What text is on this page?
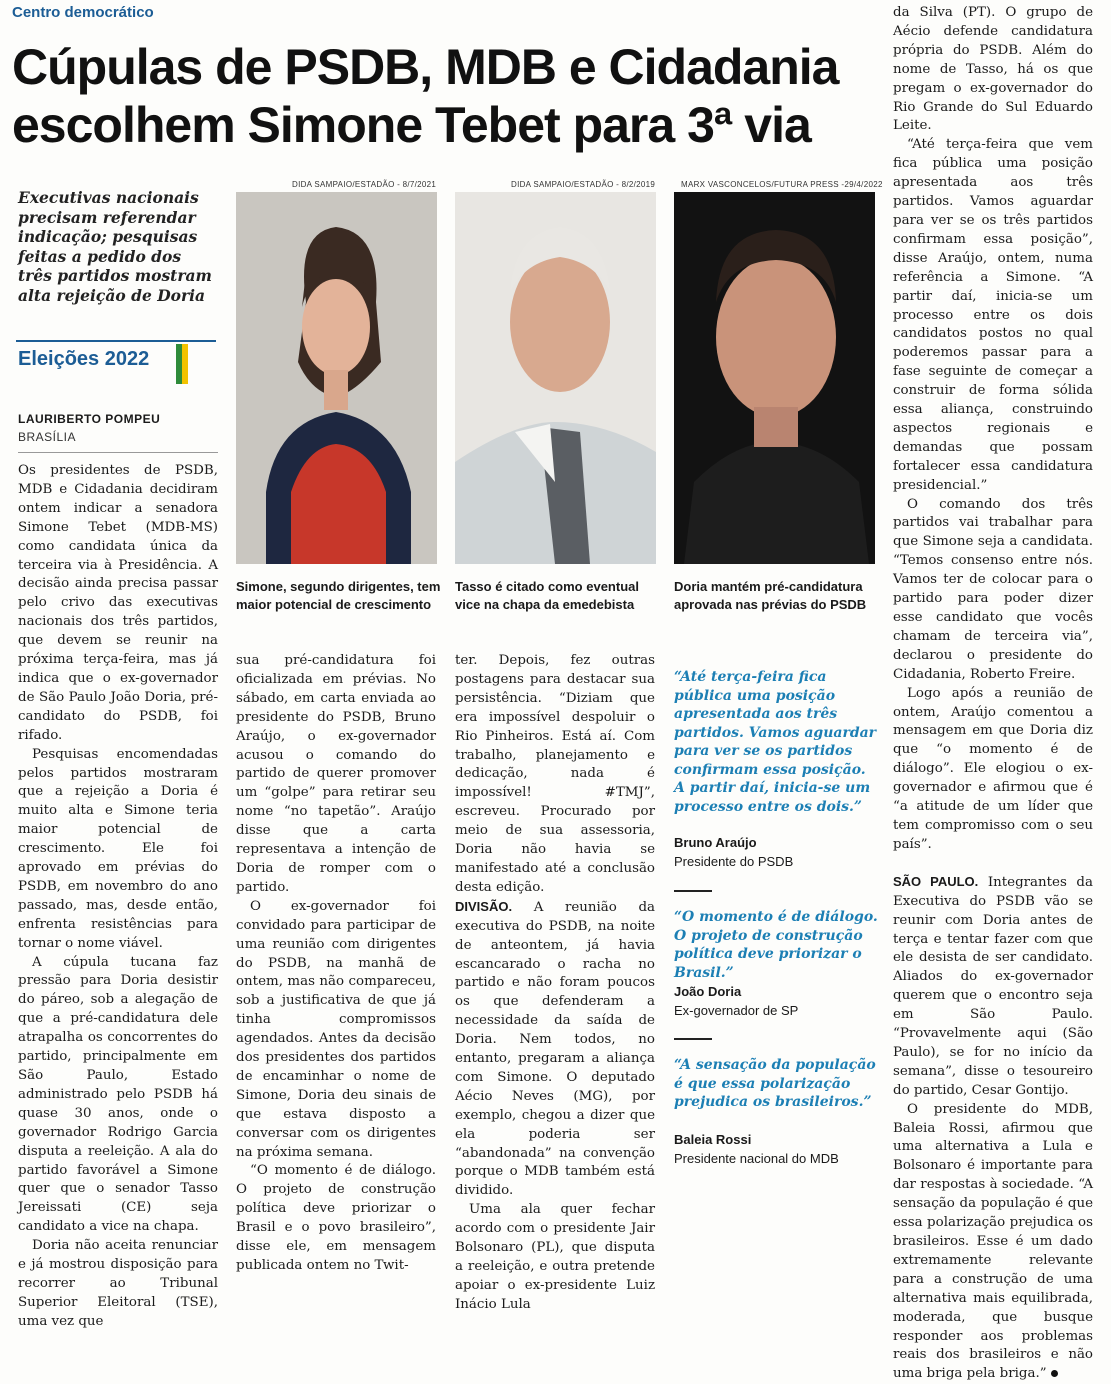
Centro democrático
Cúpulas de PSDB, MDB e Cidadania escolhem Simone Tebet para 3ª via
Executivas nacionais precisam referendar indicação; pesquisas feitas a pedido dos três partidos mostram alta rejeição de Doria
Eleições 2022
LAURIBERTO POMPEU
BRASÍLIA

Os presidentes de PSDB, MDB e Cidadania decidiram ontem indicar a senadora Simone Tebet (MDB-MS) como candidata única da terceira via à Presidência. A decisão ainda precisa passar pelo crivo das executivas nacionais dos três partidos, que devem se reunir na próxima terça-feira, mas já indica que o ex-governador de São Paulo João Doria, pré-candidato do PSDB, foi rifado.

Pesquisas encomendadas pelos partidos mostraram que a rejeição a Doria é muito alta e Simone teria maior potencial de crescimento. Ele foi aprovado em prévias do PSDB, em novembro do ano passado, mas, desde então, enfrenta resistências para tornar o nome viável.

A cúpula tucana faz pressão para Doria desistir do páreo, sob a alegação de que a pré-candidatura dele atrapalha os concorrentes do partido, principalmente em São Paulo, Estado administrado pelo PSDB há quase 30 anos, onde o governador Rodrigo Garcia disputa a reeleição. A ala do partido favorável a Simone quer que o senador Tasso Jereissati (CE) seja candidato a vice na chapa.

Doria não aceita renunciar e já mostrou disposição para recorrer ao Tribunal Superior Eleitoral (TSE), uma vez que

DIDA SAMPAIO/ESTADÃO - 8/7/2021
Simone, segundo dirigentes, tem maior potencial de crescimento
DIDA SAMPAIO/ESTADÃO - 8/2/2019
Tasso é citado como eventual vice na chapa da emedebista
MARX VASCONCELOS/FUTURA PRESS -29/4/2022
Doria mantém pré-candidatura aprovada nas prévias do PSDB

sua pré-candidatura foi oficializada em prévias. No sábado, em carta enviada ao presidente do PSDB, Bruno Araújo, o ex-governador acusou o comando do partido de querer promover um “golpe” para retirar seu nome “no tapetão”. Araújo disse que a carta representava a intenção de Doria de romper com o partido.

O ex-governador foi convidado para participar de uma reunião com dirigentes do PSDB, na manhã de ontem, mas não compareceu, sob a justificativa de que já tinha compromissos agendados. Antes da decisão dos presidentes dos partidos de encaminhar o nome de Simone, Doria deu sinais de que estava disposto a conversar com os dirigentes na próxima semana.

“O momento é de diálogo. O projeto de construção política deve priorizar o Brasil e o povo brasileiro”, disse ele, em mensagem publicada ontem no Twit-

ter. Depois, fez outras postagens para destacar sua persistência. “Diziam que era impossível despoluir o Rio Pinheiros. Está aí. Com trabalho, planejamento e dedicação, nada é impossível! #TMJ”, escreveu. Procurado por meio de sua assessoria, Doria não havia se manifestado até a conclusão desta edição.

DIVISÃO. A reunião da executiva do PSDB, na noite de anteontem, já havia escancarado o racha no partido e não foram poucos os que defenderam a necessidade da saída de Doria. Nem todos, no entanto, pregaram a aliança com Simone. O deputado Aécio Neves (MG), por exemplo, chegou a dizer que ela poderia ser “abandonada” na convenção porque o MDB também está dividido.

Uma ala quer fechar acordo com o presidente Jair Bolsonaro (PL), que disputa a reeleição, e outra pretende apoiar o ex-presidente Luiz Inácio Lula

“Até terça-feira fica pública uma posição apresentada aos três partidos. Vamos aguardar para ver se os partidos confirmam essa posição. A partir daí, inicia-se um processo entre os dois.”
Bruno Araújo
Presidente do PSDB
“O momento é de diálogo. O projeto de construção política deve priorizar o Brasil.”
João Doria
Ex-governador de SP
“A sensação da população é que essa polarização prejudica os brasileiros.”
Baleia Rossi
Presidente nacional do MDB

da Silva (PT). O grupo de Aécio defende candidatura própria do PSDB. Além do nome de Tasso, há os que pregam o ex-governador do Rio Grande do Sul Eduardo Leite.

“Até terça-feira que vem fica pública uma posição apresentada aos três partidos. Vamos aguardar para ver se os três partidos confirmam essa posição”, disse Araújo, ontem, numa referência a Simone. “A partir daí, inicia-se um processo entre os dois candidatos postos no qual poderemos passar para a fase seguinte de começar a construir de forma sólida essa aliança, construindo aspectos regionais e demandas que possam fortalecer essa candidatura presidencial.”

O comando dos três partidos vai trabalhar para que Simone seja a candidata. “Temos consenso entre nós. Vamos ter de colocar para o partido para poder dizer esse candidato que vocês chamam de terceira via”, declarou o presidente do Cidadania, Roberto Freire.

Logo após a reunião de ontem, Araújo comentou a mensagem em que Doria diz que “o momento é de diálogo”. Ele elogiou o ex-governador e afirmou que é “a atitude de um líder que tem compromisso com o seu país”.

SÃO PAULO. Integrantes da Executiva do PSDB vão se reunir com Doria antes de terça e tentar fazer com que ele desista de ser candidato. Aliados do ex-governador querem que o encontro seja em São Paulo. “Provavelmente aqui (São Paulo), se for no início da semana”, disse o tesoureiro do partido, Cesar Gontijo.

O presidente do MDB, Baleia Rossi, afirmou que uma alternativa a Lula e Bolsonaro é importante para dar respostas à sociedade. “A sensação da população é que essa polarização prejudica os brasileiros. Esse é um dado extremamente relevante para a construção de uma alternativa mais equilibrada, moderada, que busque responder aos problemas reais dos brasileiros e não uma briga pela briga.”
